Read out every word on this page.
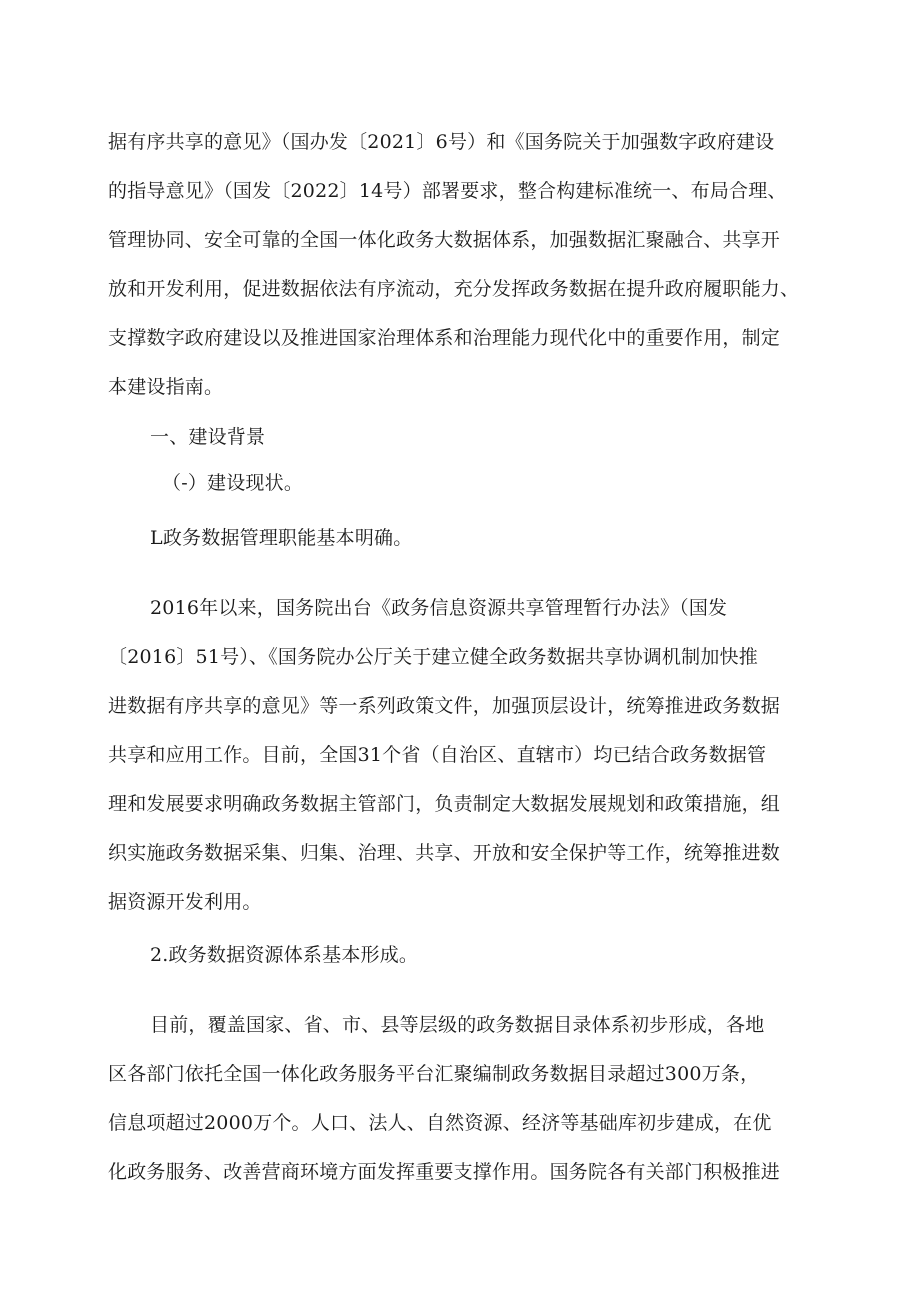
据有序共享的意见》（国办发〔2021〕6号）和《国务院关于加强数字政府建设
的指导意见》（国发〔2022〕14号）部署要求，整合构建标准统一、布局合理、
管理协同、安全可靠的全国一体化政务大数据体系，加强数据汇聚融合、共享开
放和开发利用，促进数据依法有序流动，充分发挥政务数据在提升政府履职能力、
支撑数字政府建设以及推进国家治理体系和治理能力现代化中的重要作用，制定
本建设指南。
一、建设背景
（-）建设现状。
L政务数据管理职能基本明确。
2016年以来，国务院出台《政务信息资源共享管理暂行办法》（国发
〔2016〕51号）、《国务院办公厅关于建立健全政务数据共享协调机制加快推
进数据有序共享的意见》等一系列政策文件，加强顶层设计，统筹推进政务数据
共享和应用工作。目前，全国31个省（自治区、直辖市）均已结合政务数据管
理和发展要求明确政务数据主管部门，负责制定大数据发展规划和政策措施，组
织实施政务数据采集、归集、治理、共享、开放和安全保护等工作，统筹推进数
据资源开发利用。
2.政务数据资源体系基本形成。
目前，覆盖国家、省、市、县等层级的政务数据目录体系初步形成，各地
区各部门依托全国一体化政务服务平台汇聚编制政务数据目录超过300万条，
信息项超过2000万个。人口、法人、自然资源、经济等基础库初步建成，在优
化政务服务、改善营商环境方面发挥重要支撑作用。国务院各有关部门积极推进
